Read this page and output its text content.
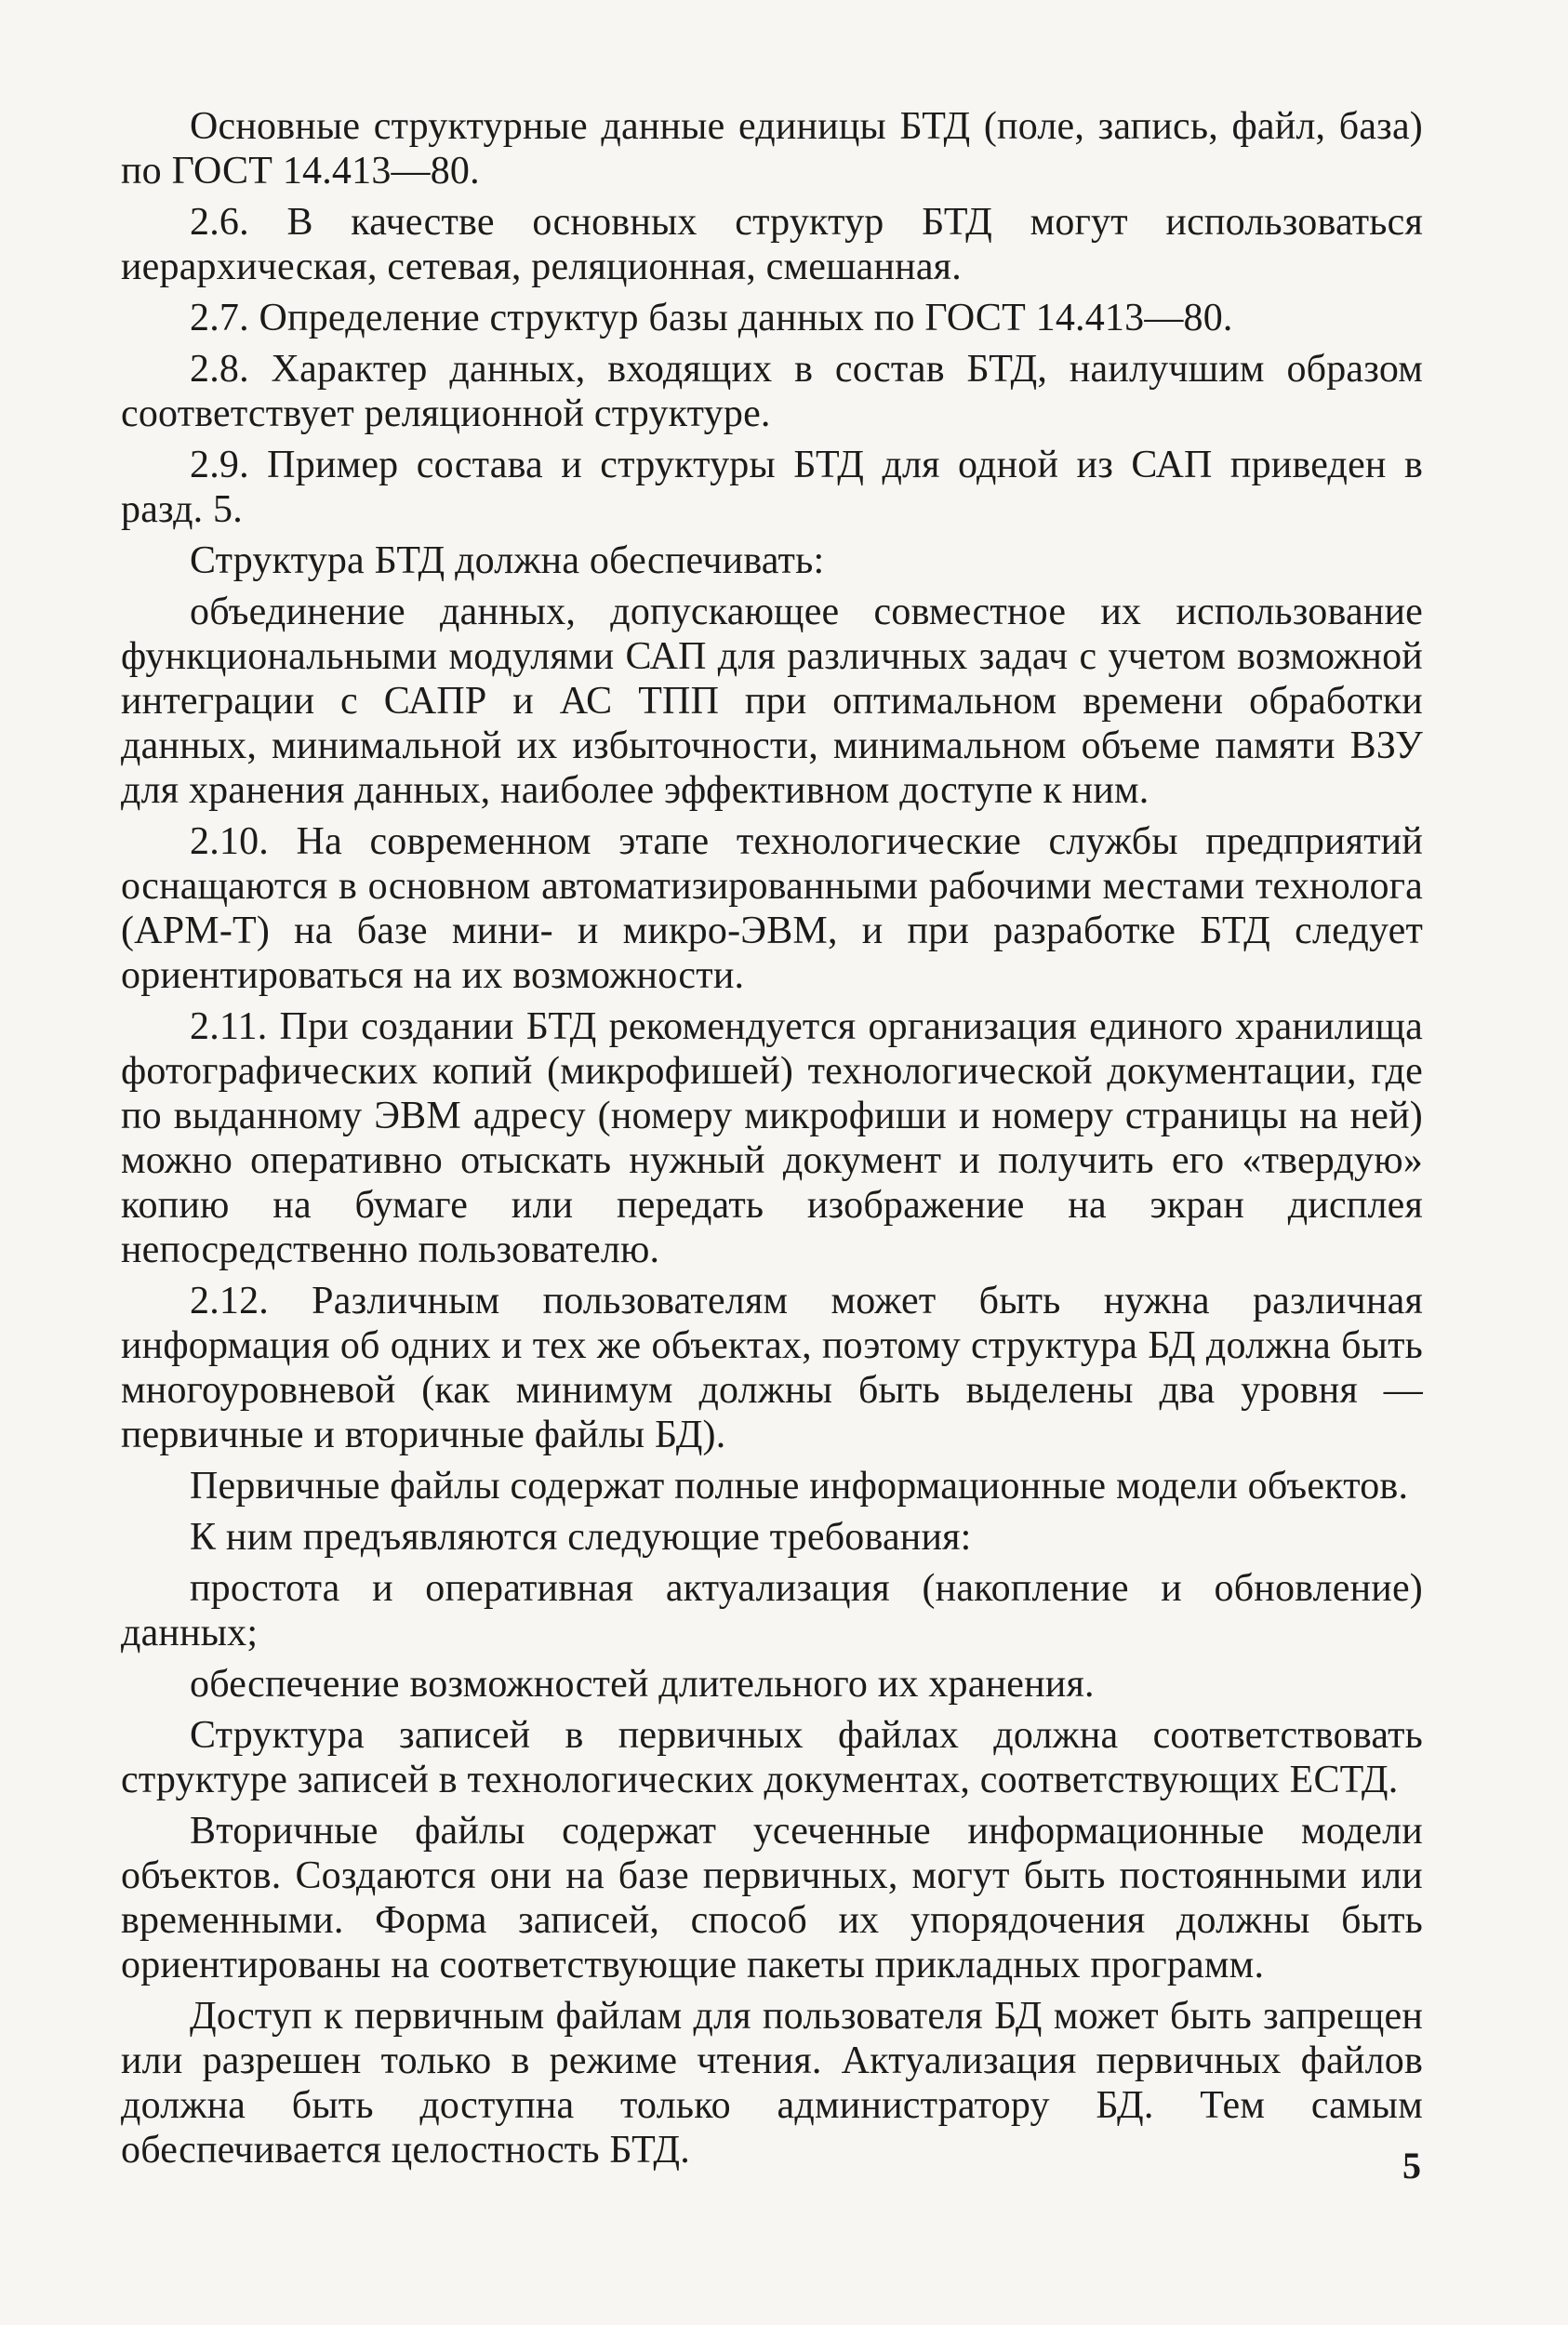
Основные структурные данные единицы БТД (поле, запись, файл, база) по ГОСТ 14.413—80.

2.6. В качестве основных структур БТД могут использоваться иерархическая, сетевая, реляционная, смешанная.

2.7. Определение структур базы данных по ГОСТ 14.413—80.

2.8. Характер данных, входящих в состав БТД, наилучшим образом соответствует реляционной структуре.

2.9. Пример состава и структуры БТД для одной из САП приведен в разд. 5.

Структура БТД должна обеспечивать:

объединение данных, допускающее совместное их использование функциональными модулями САП для различных задач с учетом возможной интеграции с САПР и АС ТПП при оптимальном времени обработки данных, минимальной их избыточности, минимальном объеме памяти ВЗУ для хранения данных, наиболее эффективном доступе к ним.

2.10. На современном этапе технологические службы предприятий оснащаются в основном автоматизированными рабочими местами технолога (АРМ-Т) на базе мини- и микро-ЭВМ, и при разработке БТД следует ориентироваться на их возможности.

2.11. При создании БТД рекомендуется организация единого хранилища фотографических копий (микрофишей) технологической документации, где по выданному ЭВМ адресу (номеру микрофиши и номеру страницы на ней) можно оперативно отыскать нужный документ и получить его «твердую» копию на бумаге или передать изображение на экран дисплея непосредственно пользователю.

2.12. Различным пользователям может быть нужна различная информация об одних и тех же объектах, поэтому структура БД должна быть многоуровневой (как минимум должны быть выделены два уровня — первичные и вторичные файлы БД).

Первичные файлы содержат полные информационные модели объектов.

К ним предъявляются следующие требования:

простота и оперативная актуализация (накопление и обновление) данных;

обеспечение возможностей длительного их хранения.

Структура записей в первичных файлах должна соответствовать структуре записей в технологических документах, соответствующих ЕСТД.

Вторичные файлы содержат усеченные информационные модели объектов. Создаются они на базе первичных, могут быть постоянными или временными. Форма записей, способ их упорядочения должны быть ориентированы на соответствующие пакеты прикладных программ.

Доступ к первичным файлам для пользователя БД может быть запрещен или разрешен только в режиме чтения. Актуализация первичных файлов должна быть доступна только администратору БД. Тем самым обеспечивается целостность БТД.	5
